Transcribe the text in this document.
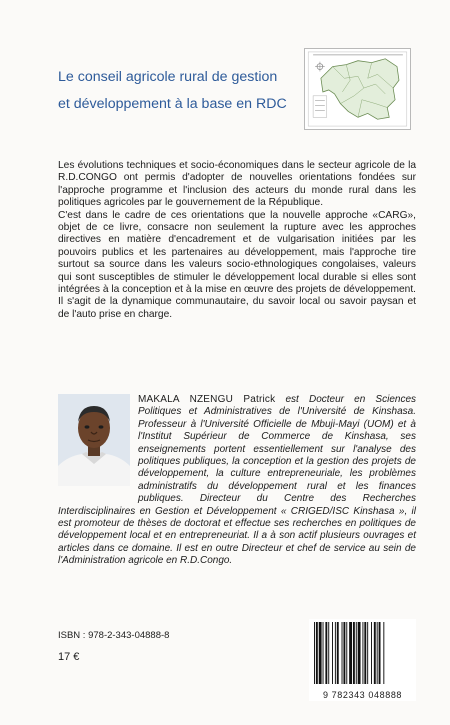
Le conseil agricole rural de gestion
et développement à la base en RDC

Les évolutions techniques et socio-économiques dans le secteur agricole de la R.D.CONGO ont permis d'adopter de nouvelles orientations fondées sur l'approche programme et l'inclusion des acteurs du monde rural dans les politiques agricoles par le gouvernement de la République.

C'est dans le cadre de ces orientations que la nouvelle approche «CARG», objet de ce livre, consacre non seulement la rupture avec les approches directives en matière d'encadrement et de vulgarisation initiées par les pouvoirs publics et les partenaires au développement, mais l'approche tire surtout sa source dans les valeurs socio-ethnologiques congolaises, valeurs qui sont susceptibles de stimuler le développement local durable si elles sont intégrées à la conception et à la mise en œuvre des projets de développement. Il s'agit de la dynamique communautaire, du savoir local ou savoir paysan et de l'auto prise en charge.

MAKALA NZENGU Patrick est Docteur en Sciences Politiques et Administratives de l'Université de Kinshasa. Professeur à l'Université Officielle de Mbuji-Mayi (UOM) et à l'Institut Supérieur de Commerce de Kinshasa, ses enseignements portent essentiellement sur l'analyse des politiques publiques, la conception et la gestion des projets de développement, la culture entrepreneuriale, les problèmes administratifs du développement rural et les finances publiques. Directeur du Centre des Recherches Interdisciplinaires en Gestion et Développement « CRIGED/ISC Kinshasa », il est promoteur de thèses de doctorat et effectue ses recherches en politiques de développement local et en entrepreneuriat. Il a à son actif plusieurs ouvrages et articles dans ce domaine. Il est en outre Directeur et chef de service au sein de l'Administration agricole en R.D.Congo.
ISBN : 978-2-343-04888-8
17 €
9 782343 048888
